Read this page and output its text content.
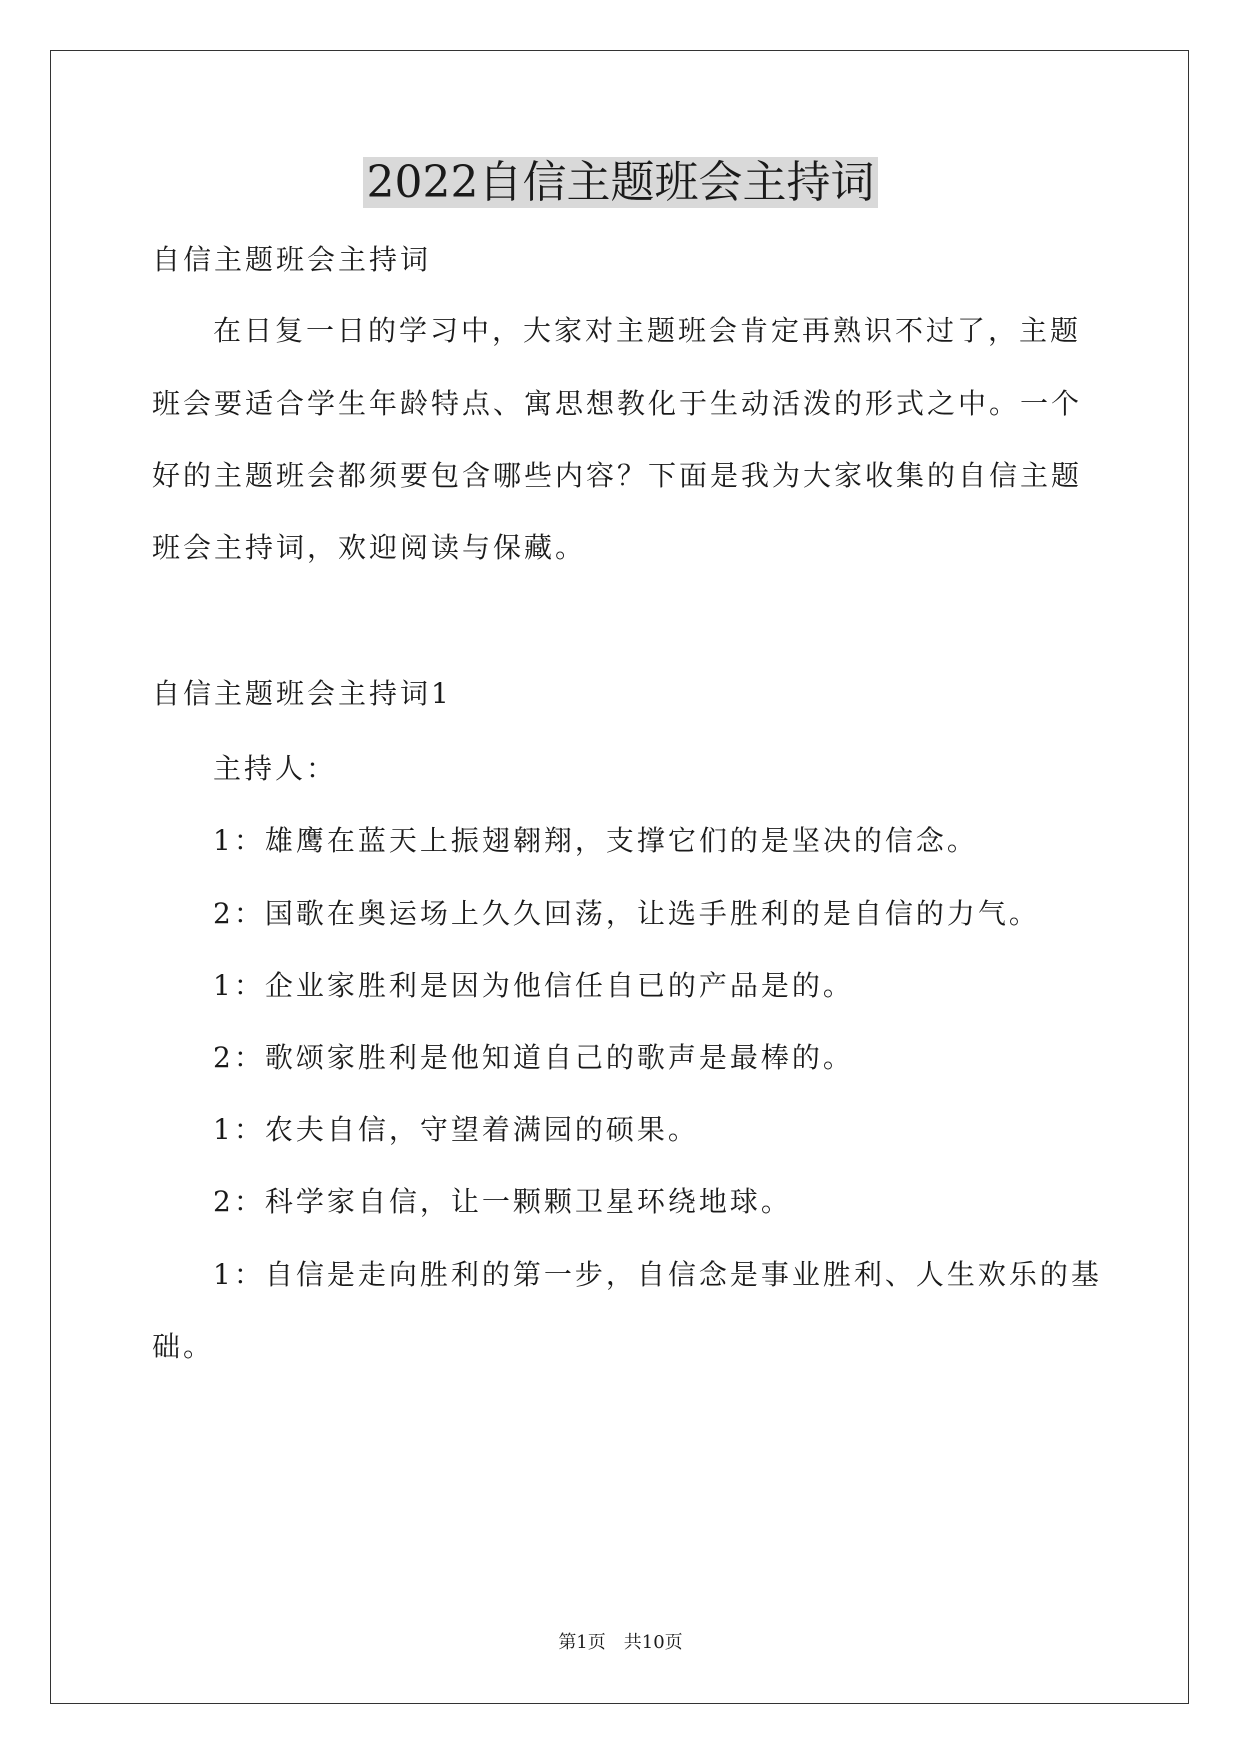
2022自信主题班会主持词
自信主题班会主持词
在日复一日的学习中，大家对主题班会肯定再熟识不过了，主题
班会要适合学生年龄特点、寓思想教化于生动活泼的形式之中。一个
好的主题班会都须要包含哪些内容？下面是我为大家收集的自信主题
班会主持词，欢迎阅读与保藏。
自信主题班会主持词1
主持人：
1：雄鹰在蓝天上振翅翱翔，支撑它们的是坚决的信念。
2：国歌在奥运场上久久回荡，让选手胜利的是自信的力气。
1：企业家胜利是因为他信任自已的产品是的。
2：歌颂家胜利是他知道自己的歌声是最棒的。
1：农夫自信，守望着满园的硕果。
2：科学家自信，让一颗颗卫星环绕地球。
1：自信是走向胜利的第一步，自信念是事业胜利、人生欢乐的基
础。
第1页　共10页
